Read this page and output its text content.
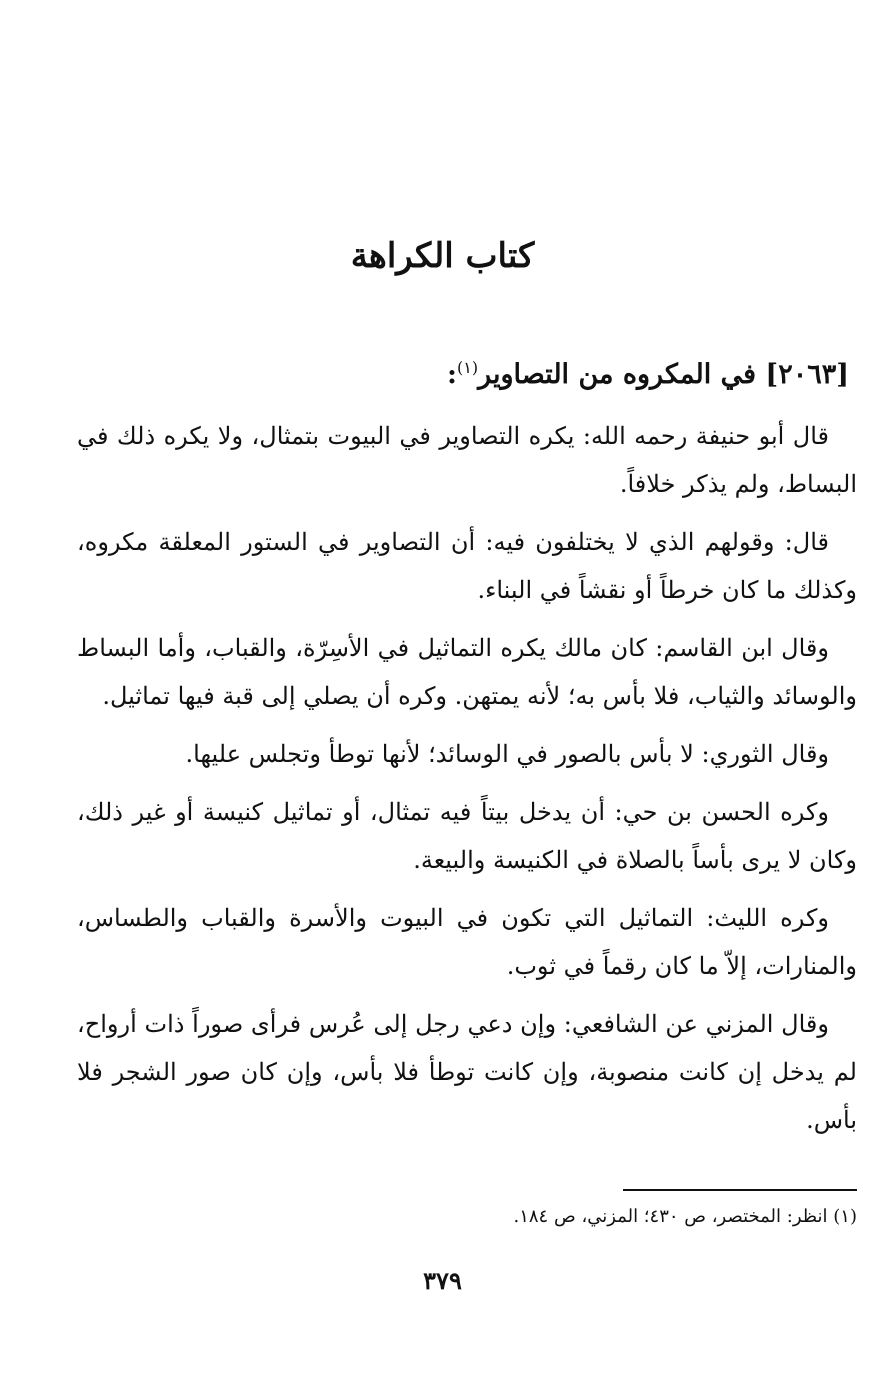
كتاب الكراهة
[٢٠٦٣] في المكروه من التصاوير$^{(١)}$:

قال أبو حنيفة رحمه الله: يكره التصاوير في البيوت بتمثال، ولا يكره ذلك في البساط، ولم يذكر خلافاً.

قال: وقولهم الذي لا يختلفون فيه: أن التصاوير في الستور المعلقة مكروه، وكذلك ما كان خرطاً أو نقشاً في البناء.

وقال ابن القاسم: كان مالك يكره التماثيل في الأسِرّة، والقباب، وأما البساط والوسائد والثياب، فلا بأس به؛ لأنه يمتهن. وكره أن يصلي إلى قبة فيها تماثيل.

وقال الثوري: لا بأس بالصور في الوسائد؛ لأنها توطأ وتجلس عليها.

وكره الحسن بن حي: أن يدخل بيتاً فيه تمثال، أو تماثيل كنيسة أو غير ذلك، وكان لا يرى بأساً بالصلاة في الكنيسة والبيعة.

وكره الليث: التماثيل التي تكون في البيوت والأسرة والقباب والطساس، والمنارات، إلاّ ما كان رقماً في ثوب.

وقال المزني عن الشافعي: وإن دعي رجل إلى عُرس فرأى صوراً ذات أرواح، لم يدخل إن كانت منصوبة، وإن كانت توطأ فلا بأس، وإن كان صور الشجر فلا بأس.

(١) انظر: المختصر، ص ٤٣٠؛ المزني، ص ١٨٤.

٣٧٩
